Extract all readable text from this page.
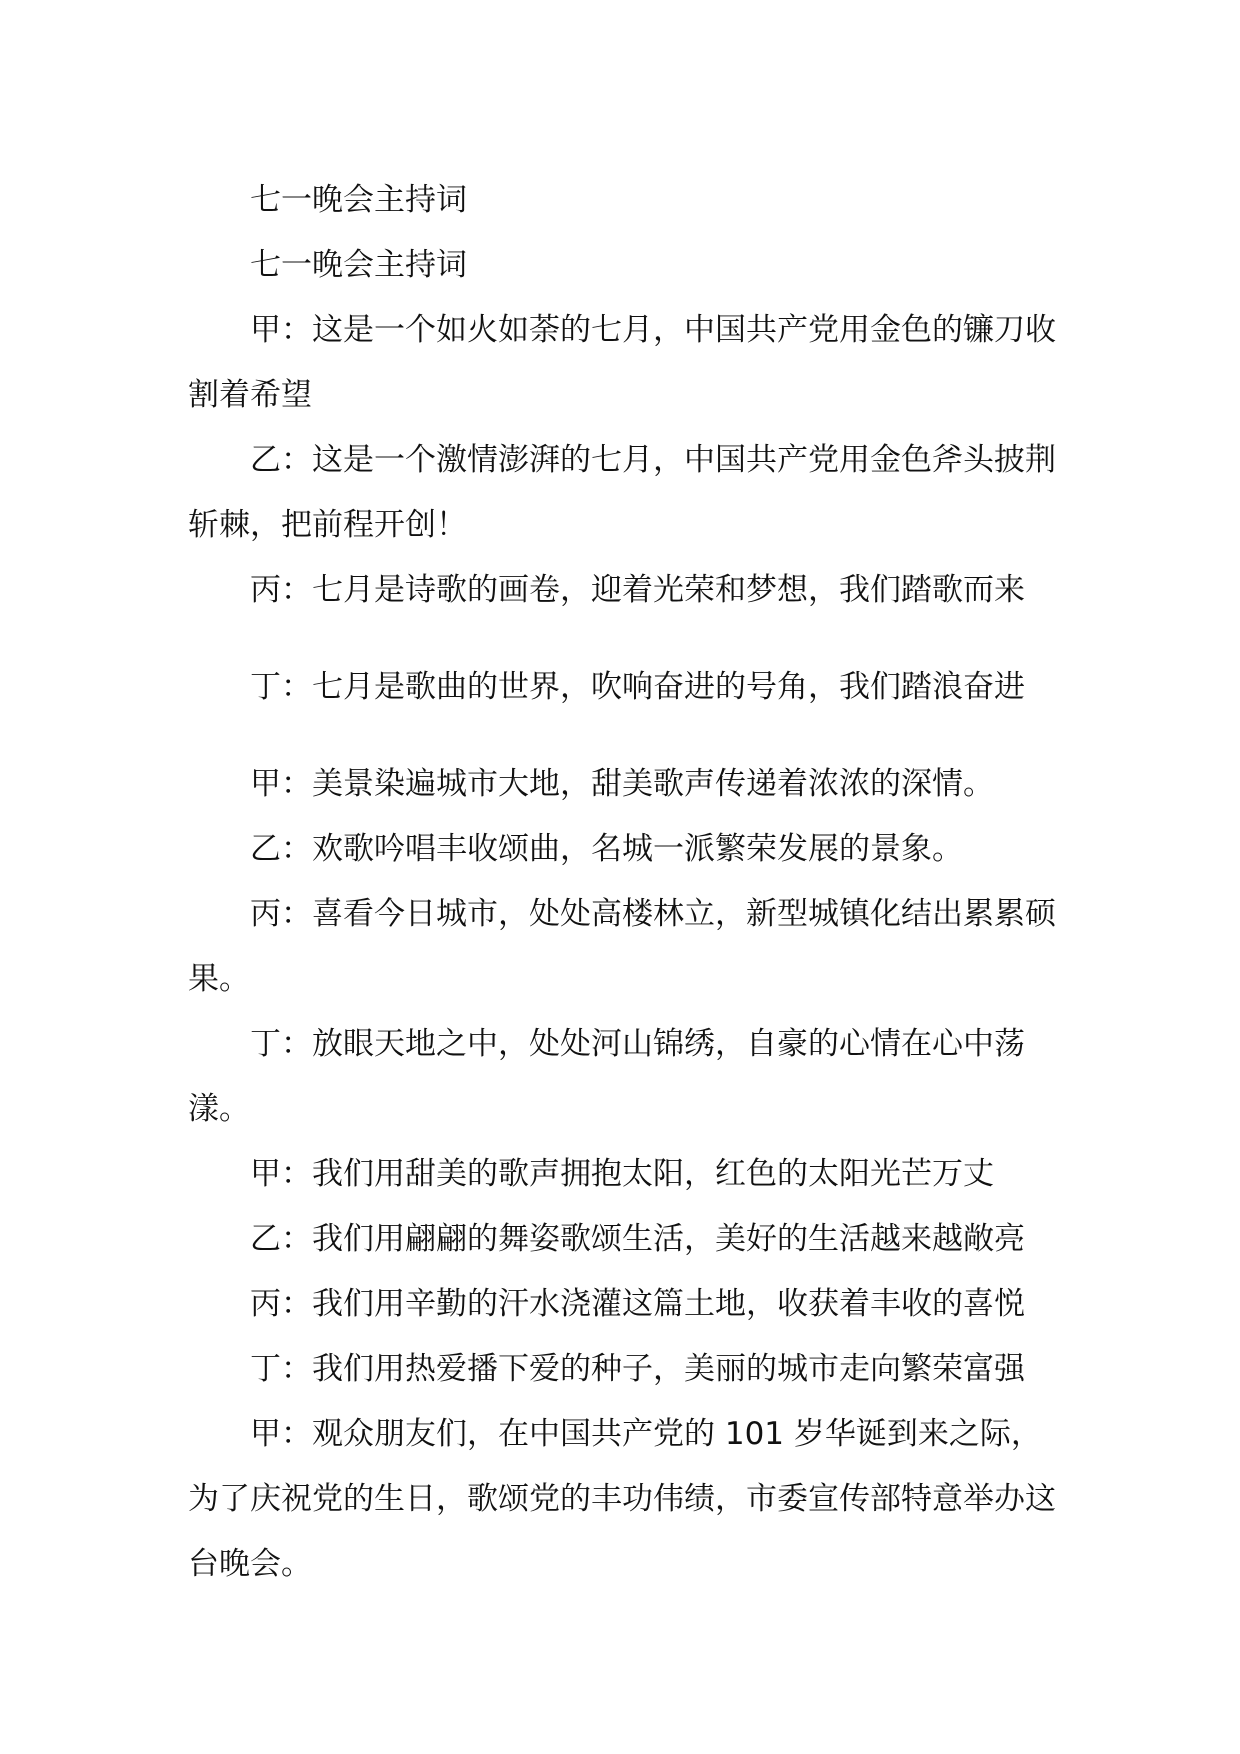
七一晚会主持词

七一晚会主持词

甲：这是一个如火如荼的七月，中国共产党用金色的镰刀收割着希望

乙：这是一个激情澎湃的七月，中国共产党用金色斧头披荆斩棘，把前程开创！

丙：七月是诗歌的画卷，迎着光荣和梦想，我们踏歌而来

丁：七月是歌曲的世界，吹响奋进的号角，我们踏浪奋进

甲：美景染遍城市大地，甜美歌声传递着浓浓的深情。

乙：欢歌吟唱丰收颂曲，名城一派繁荣发展的景象。

丙：喜看今日城市，处处高楼林立，新型城镇化结出累累硕果。

丁：放眼天地之中，处处河山锦绣，自豪的心情在心中荡漾。

甲：我们用甜美的歌声拥抱太阳，红色的太阳光芒万丈

乙：我们用翩翩的舞姿歌颂生活，美好的生活越来越敞亮

丙：我们用辛勤的汗水浇灌这篇土地，收获着丰收的喜悦

丁：我们用热爱播下爱的种子，美丽的城市走向繁荣富强

甲：观众朋友们，在中国共产党的 101 岁华诞到来之际，为了庆祝党的生日，歌颂党的丰功伟绩，市委宣传部特意举办这台晚会。
